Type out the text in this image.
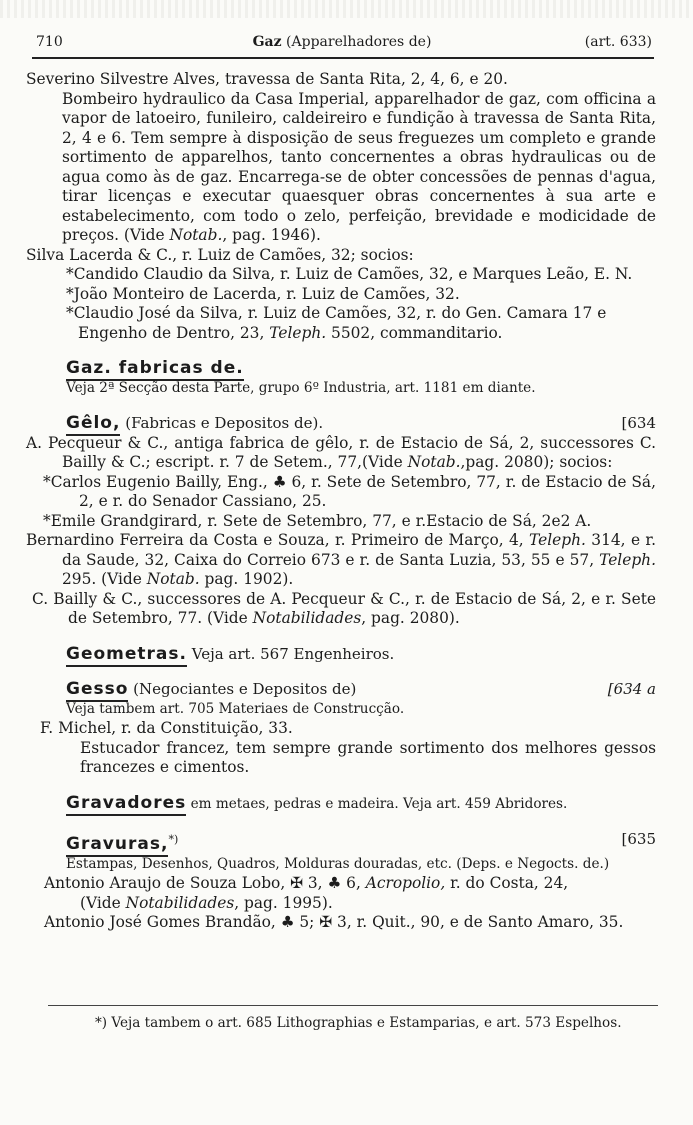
710	Gaz (Apparelhadores de)	(art. 633)

Severino Silvestre Alves, travessa de Santa Rita, 2, 4, 6, e 20.

Bombeiro hydraulico da Casa Imperial, apparelhador de gaz, com officina a vapor de latoeiro, funileiro, caldeireiro e fundição à travessa de Santa Rita, 2, 4 e 6. Tem sempre à disposição de seus freguezes um completo e grande sortimento de apparelhos, tanto concernentes a obras hydraulicas ou de agua como às de gaz. Encarrega-se de obter concessões de pennas d'agua, tirar licenças e executar quaesquer obras concernentes à sua arte e estabelecimento, com todo o zelo, perfeição, brevidade e modicidade de preços. (Vide Notab., pag. 1946).

Silva Lacerda & C., r. Luiz de Camões, 32; socios:

*Candido Claudio da Silva, r. Luiz de Camões, 32, e Marques Leão, E. N.

*João Monteiro de Lacerda, r. Luiz de Camões, 32.

*Claudio José da Silva, r. Luiz de Camões, 32, r. do Gen. Camara 17 e

Engenho de Dentro, 23, Teleph. 5502, commanditario.

Gaz. fabricas de.

Veja 2ª Secção desta Parte, grupo 6º Industria, art. 1181 em diante.

Gêlo, (Fabricas e Depositos de).	[634

A. Pecqueur & C., antiga fabrica de gêlo, r. de Estacio de Sá, 2, successores C. Bailly & C.; escript. r. 7 de Setem., 77,(Vide Notab.,pag. 2080); socios:

*Carlos Eugenio Bailly, Eng., ♣ 6, r. Sete de Setembro, 77, r. de Estacio de Sá, 2, e r. do Senador Cassiano, 25.

*Emile Grandgirard, r. Sete de Setembro, 77, e r.Estacio de Sá, 2e2 A.

Bernardino Ferreira da Costa e Souza, r. Primeiro de Março, 4, Teleph. 314, e r. da Saude, 32, Caixa do Correio 673 e r. de Santa Luzia, 53, 55 e 57, Teleph. 295. (Vide Notab. pag. 1902).

C. Bailly & C., successores de A. Pecqueur & C., r. de Estacio de Sá, 2, e r. Sete de Setembro, 77. (Vide Notabilidades, pag. 2080).

Geometras. Veja art. 567 Engenheiros.
Gesso (Negociantes e Depositos de)	[634 a

Veja tambem art. 705 Materiaes de Construcção.

F. Michel, r. da Constituição, 33.

Estucador francez, tem sempre grande sortimento dos melhores gessos francezes e cimentos.

Gravadores em metaes, pedras e madeira. Veja art. 459 Abridores.
Gravuras,*)	[635

Estampas, Desenhos, Quadros, Molduras douradas, etc. (Deps. e Negocts. de.)

Antonio Araujo de Souza Lobo, ✠ 3, ♣ 6, Acropolio, r. do Costa, 24,

(Vide Notabilidades, pag. 1995).

Antonio José Gomes Brandão, ♣ 5; ✠ 3, r. Quit., 90, e de Santo Amaro, 35.

*) Veja tambem o art. 685 Lithographias e Estamparias, e art. 573 Espelhos.
